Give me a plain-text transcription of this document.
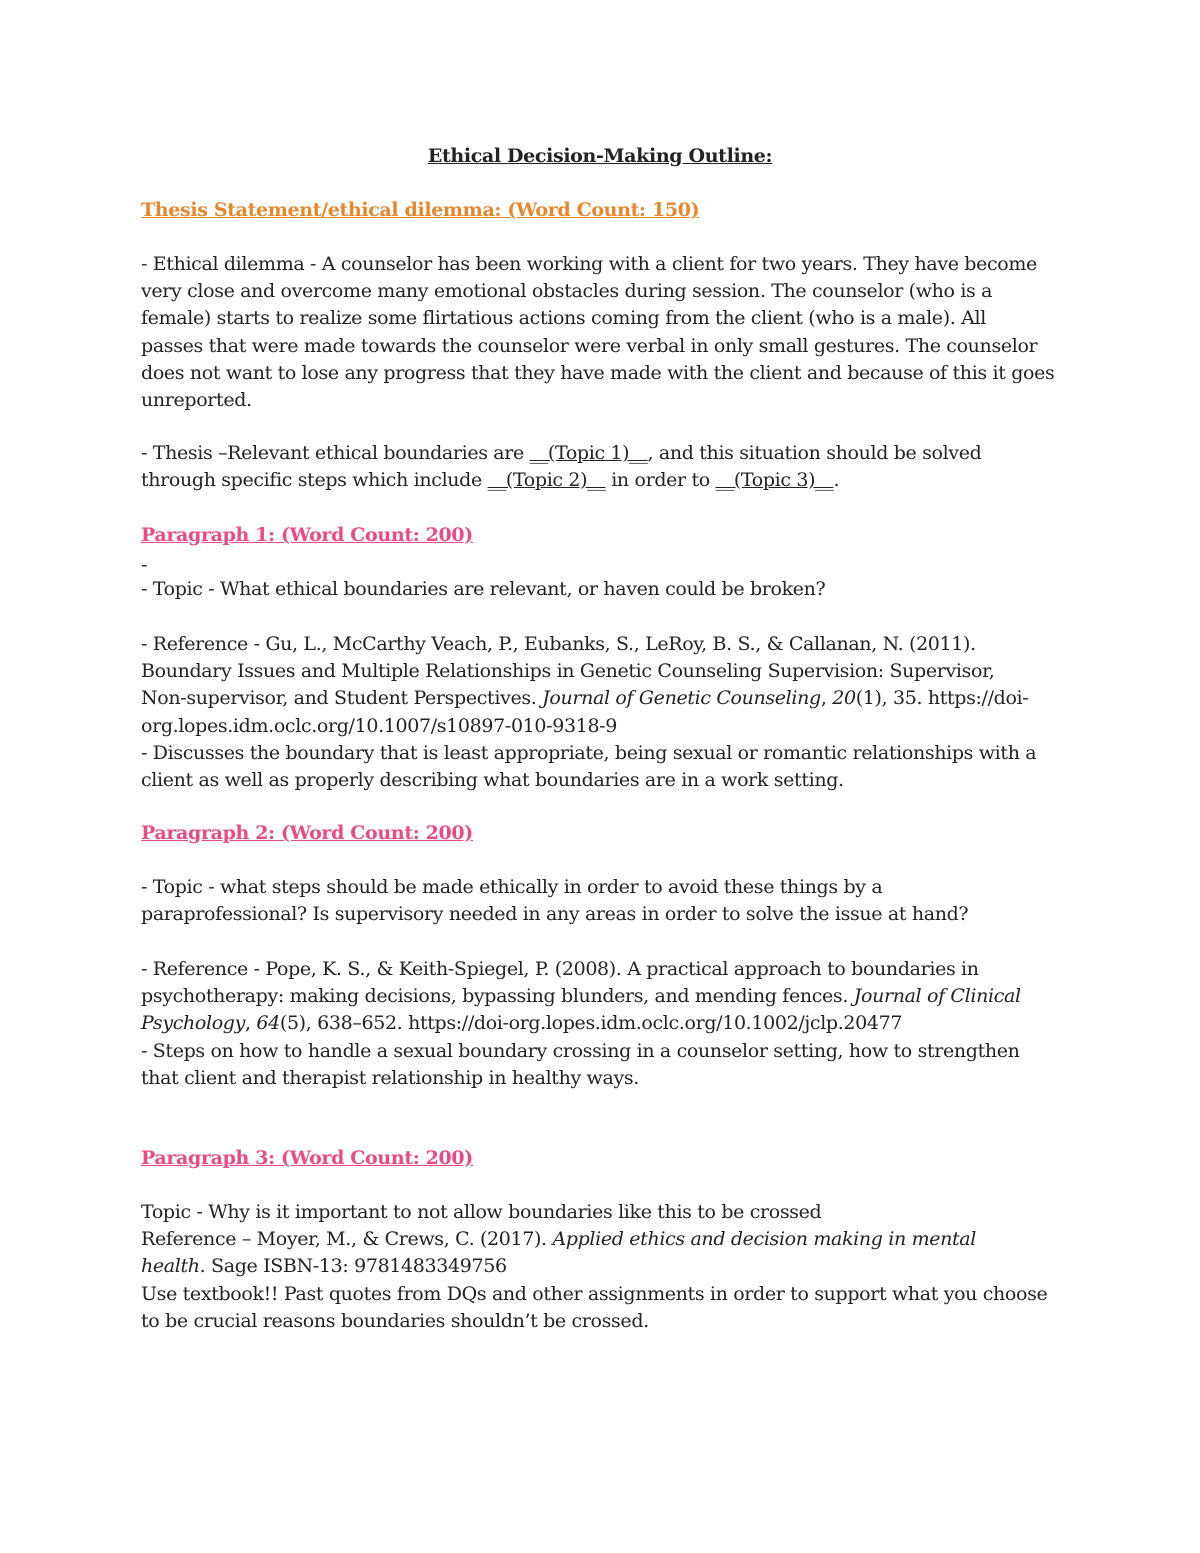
Ethical Decision-Making Outline:
Thesis Statement/ethical dilemma: (Word Count: 150)
- Ethical dilemma - A counselor has been working with a client for two years. They have become
very close and overcome many emotional obstacles during session. The counselor (who is a
female) starts to realize some flirtatious actions coming from the client (who is a male). All
passes that were made towards the counselor were verbal in only small gestures. The counselor
does not want to lose any progress that they have made with the client and because of this it goes
unreported.
- Thesis –Relevant ethical boundaries are __(Topic 1)__, and this situation should be solved
through specific steps which include __(Topic 2)__ in order to __(Topic 3)__.
Paragraph 1: (Word Count: 200)
-
- Topic - What ethical boundaries are relevant, or haven could be broken?
- Reference - Gu, L., McCarthy Veach, P., Eubanks, S., LeRoy, B. S., & Callanan, N. (2011).
Boundary Issues and Multiple Relationships in Genetic Counseling Supervision: Supervisor,
Non-supervisor, and Student Perspectives. Journal of Genetic Counseling, 20(1), 35. https://doi-
org.lopes.idm.oclc.org/10.1007/s10897-010-9318-9
- Discusses the boundary that is least appropriate, being sexual or romantic relationships with a
client as well as properly describing what boundaries are in a work setting.
Paragraph 2: (Word Count: 200)
- Topic - what steps should be made ethically in order to avoid these things by a
paraprofessional? Is supervisory needed in any areas in order to solve the issue at hand?
- Reference - Pope, K. S., & Keith-Spiegel, P. (2008). A practical approach to boundaries in
psychotherapy: making decisions, bypassing blunders, and mending fences. Journal of Clinical
Psychology, 64(5), 638–652. https://doi-org.lopes.idm.oclc.org/10.1002/jclp.20477
- Steps on how to handle a sexual boundary crossing in a counselor setting, how to strengthen
that client and therapist relationship in healthy ways.
Paragraph 3: (Word Count: 200)
Topic - Why is it important to not allow boundaries like this to be crossed
Reference – Moyer, M., & Crews, C. (2017). Applied ethics and decision making in mental
health. Sage ISBN-13: 9781483349756
Use textbook!! Past quotes from DQs and other assignments in order to support what you choose
to be crucial reasons boundaries shouldn’t be crossed.
